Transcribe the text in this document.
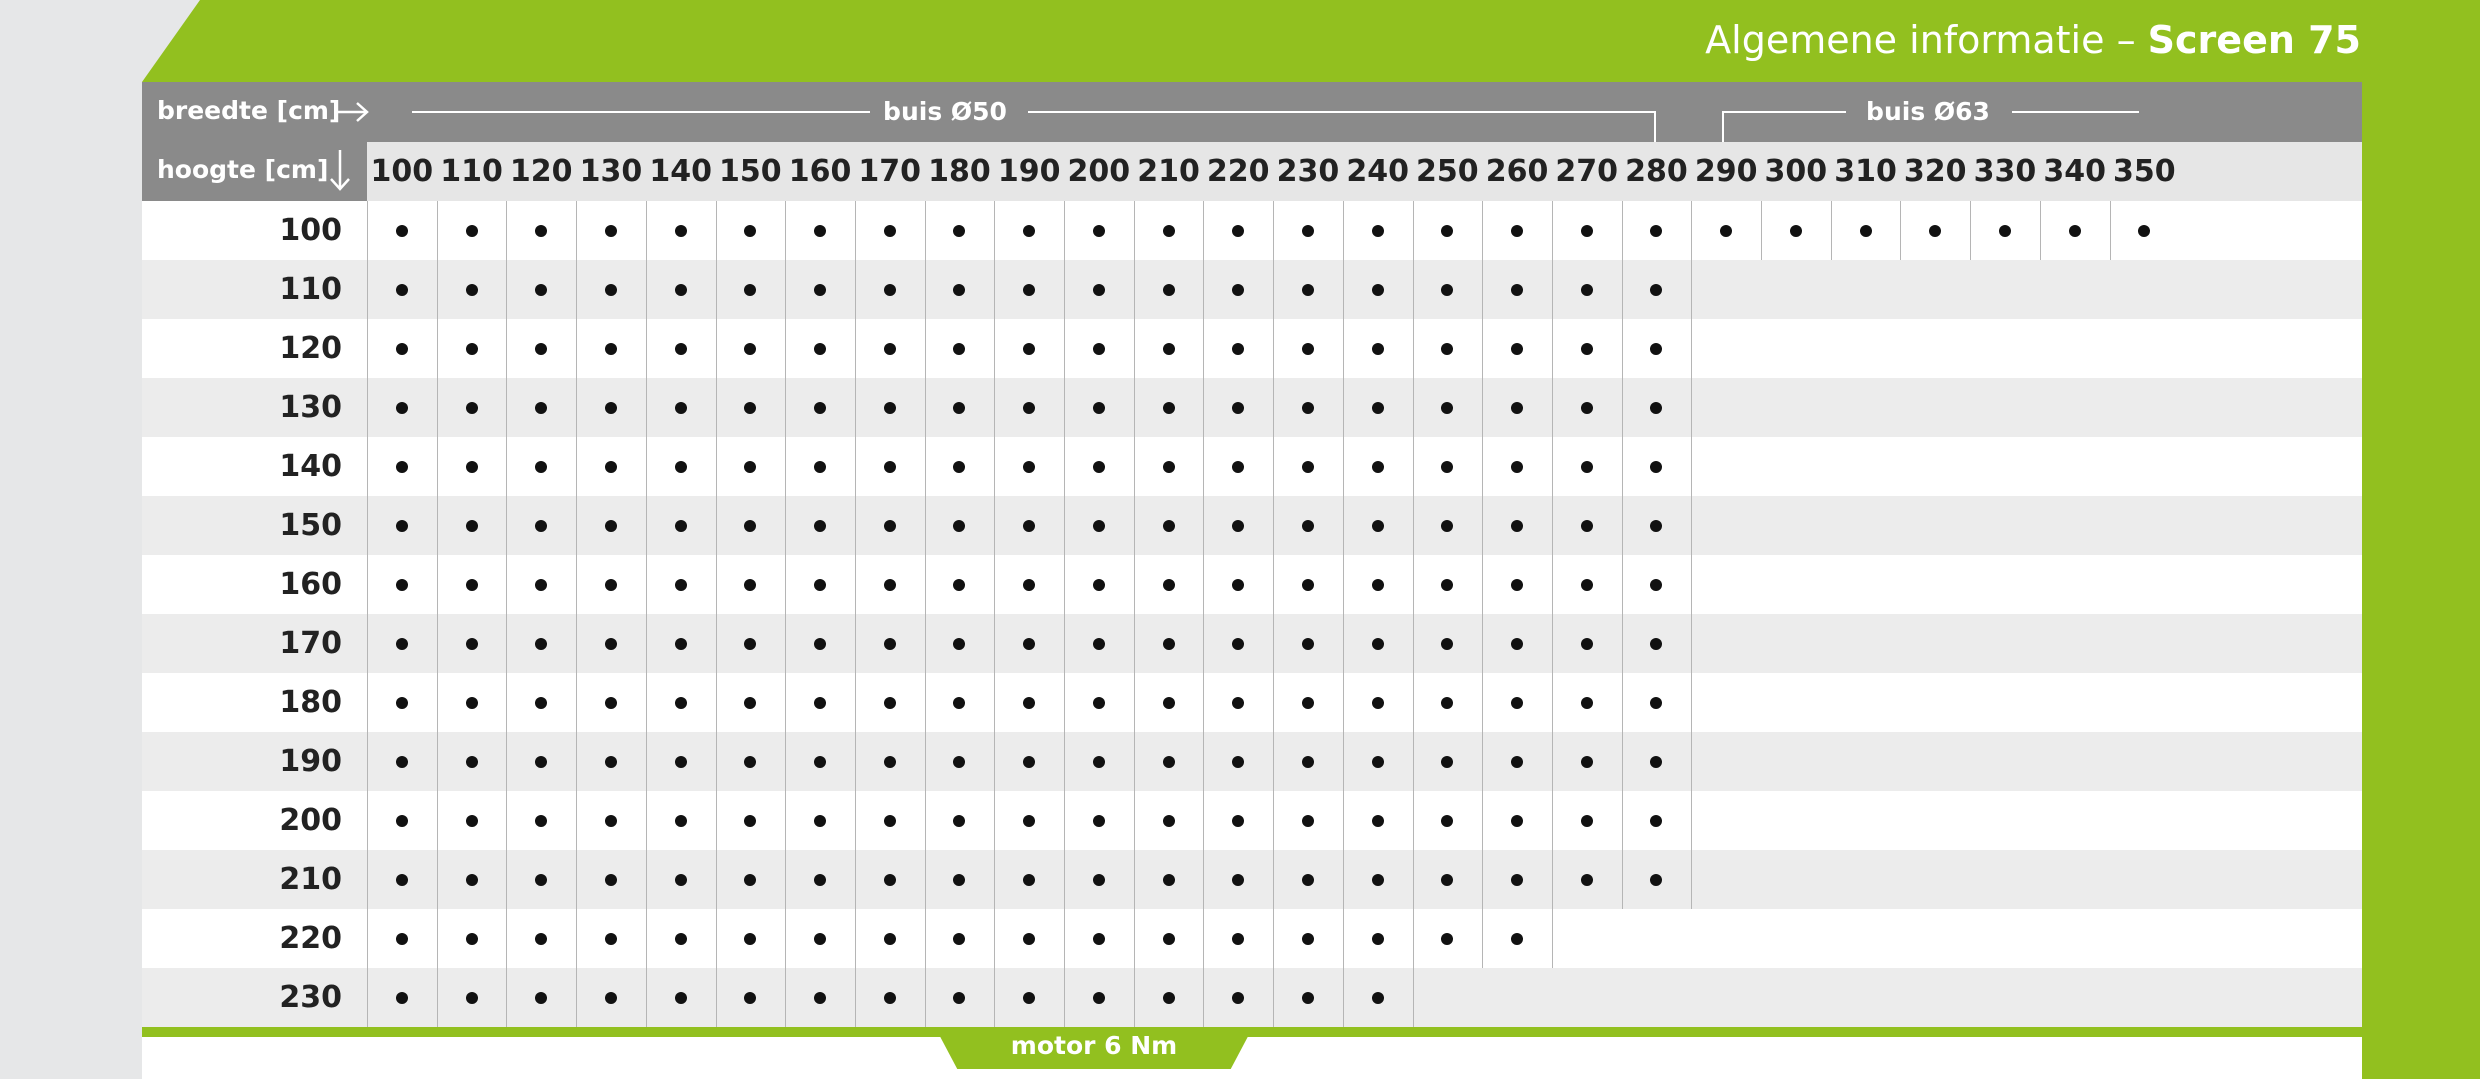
Algemene informatie – Screen 75
breedte [cm]
hoogte [cm]
buis Ø50	buis Ø63
100 110 120 130 140 150 160 170 180 190 200 210 220 230 240 250 260 270 280 290 300 310 320 330 340 350
100
110
120
130
140
150
160
170
180
190
200
210
220
230
motor 6 Nm
